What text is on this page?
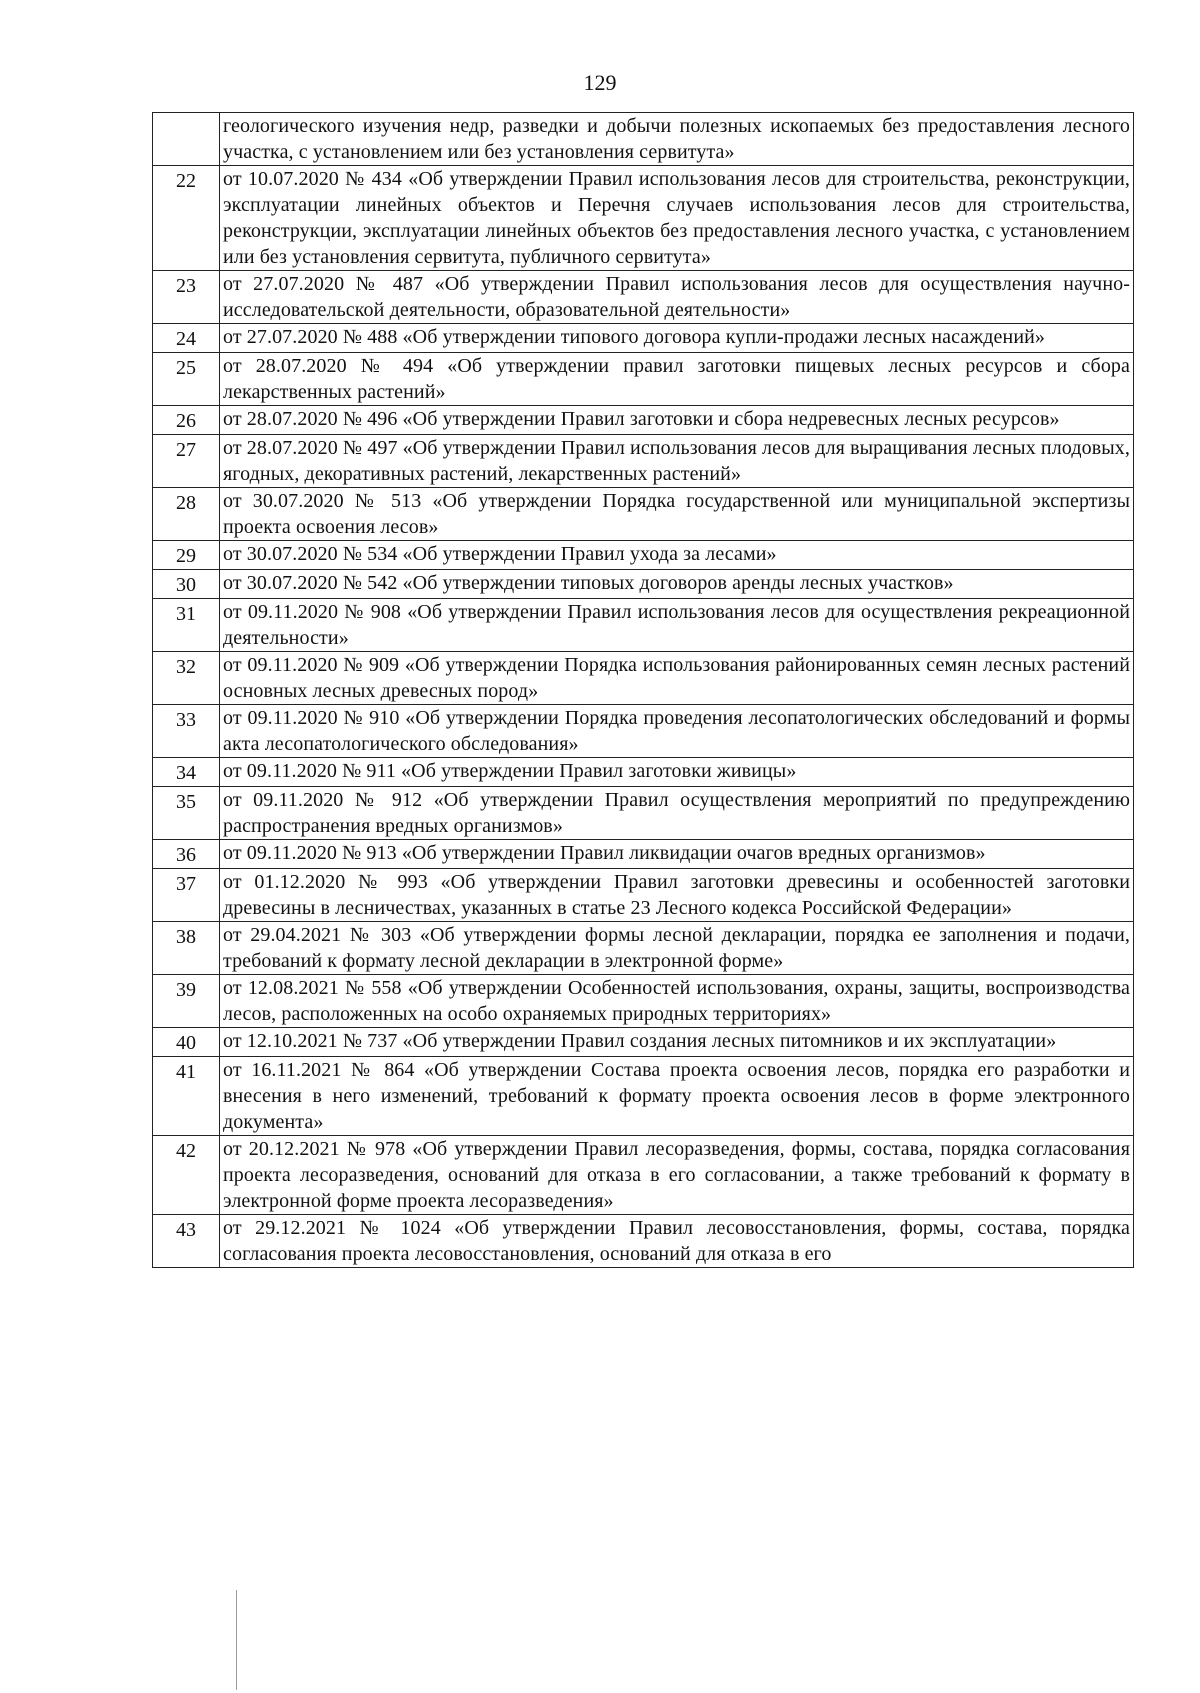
129
	геологического изучения недр, разведки и добычи полезных ископаемых без предоставления лесного участка, с установлением или без установления сервитута»
22	от 10.07.2020 № 434 «Об утверждении Правил использования лесов для строительства, реконструкции, эксплуатации линейных объектов и Перечня случаев использования лесов для строительства, реконструкции, эксплуатации линейных объектов без предоставления лесного участка, с установлением или без установления сервитута, публичного сервитута»
23	от 27.07.2020 № 487 «Об утверждении Правил использования лесов для осуществления научно-исследовательской деятельности, образовательной деятельности»
24	от 27.07.2020 № 488 «Об утверждении типового договора купли-продажи лесных насаждений»
25	от 28.07.2020 № 494 «Об утверждении правил заготовки пищевых лесных ресурсов и сбора лекарственных растений»
26	от 28.07.2020 № 496 «Об утверждении Правил заготовки и сбора недревесных лесных ресурсов»
27	от 28.07.2020 № 497 «Об утверждении Правил использования лесов для выращивания лесных плодовых, ягодных, декоративных растений, лекарственных растений»
28	от 30.07.2020 № 513 «Об утверждении Порядка государственной или муниципальной экспертизы проекта освоения лесов»
29	от 30.07.2020 № 534 «Об утверждении Правил ухода за лесами»
30	от 30.07.2020 № 542 «Об утверждении типовых договоров аренды лесных участков»
31	от 09.11.2020 № 908 «Об утверждении Правил использования лесов для осуществления рекреационной деятельности»
32	от 09.11.2020 № 909 «Об утверждении Порядка использования районированных семян лесных растений основных лесных древесных пород»
33	от 09.11.2020 № 910 «Об утверждении Порядка проведения лесопатологических обследований и формы акта лесопатологического обследования»
34	от 09.11.2020 № 911 «Об утверждении Правил заготовки живицы»
35	от 09.11.2020 № 912 «Об утверждении Правил осуществления мероприятий по предупреждению распространения вредных организмов»
36	от 09.11.2020 № 913 «Об утверждении Правил ликвидации очагов вредных организмов»
37	от 01.12.2020 № 993 «Об утверждении Правил заготовки древесины и особенностей заготовки древесины в лесничествах, указанных в статье 23 Лесного кодекса Российской Федерации»
38	от 29.04.2021 № 303 «Об утверждении формы лесной декларации, порядка ее заполнения и подачи, требований к формату лесной декларации в электронной форме»
39	от 12.08.2021 № 558 «Об утверждении Особенностей использования, охраны, защиты, воспроизводства лесов, расположенных на особо охраняемых природных территориях»
40	от 12.10.2021 № 737 «Об утверждении Правил создания лесных питомников и их эксплуатации»
41	от 16.11.2021 № 864 «Об утверждении Состава проекта освоения лесов, порядка его разработки и внесения в него изменений, требований к формату проекта освоения лесов в форме электронного документа»
42	от 20.12.2021 № 978 «Об утверждении Правил лесоразведения, формы, состава, порядка согласования проекта лесоразведения, оснований для отказа в его согласовании, а также требований к формату в электронной форме проекта лесоразведения»
43	от 29.12.2021 № 1024 «Об утверждении Правил лесовосстановления, формы, состава, порядка согласования проекта лесовосстановления, оснований для отказа в его
